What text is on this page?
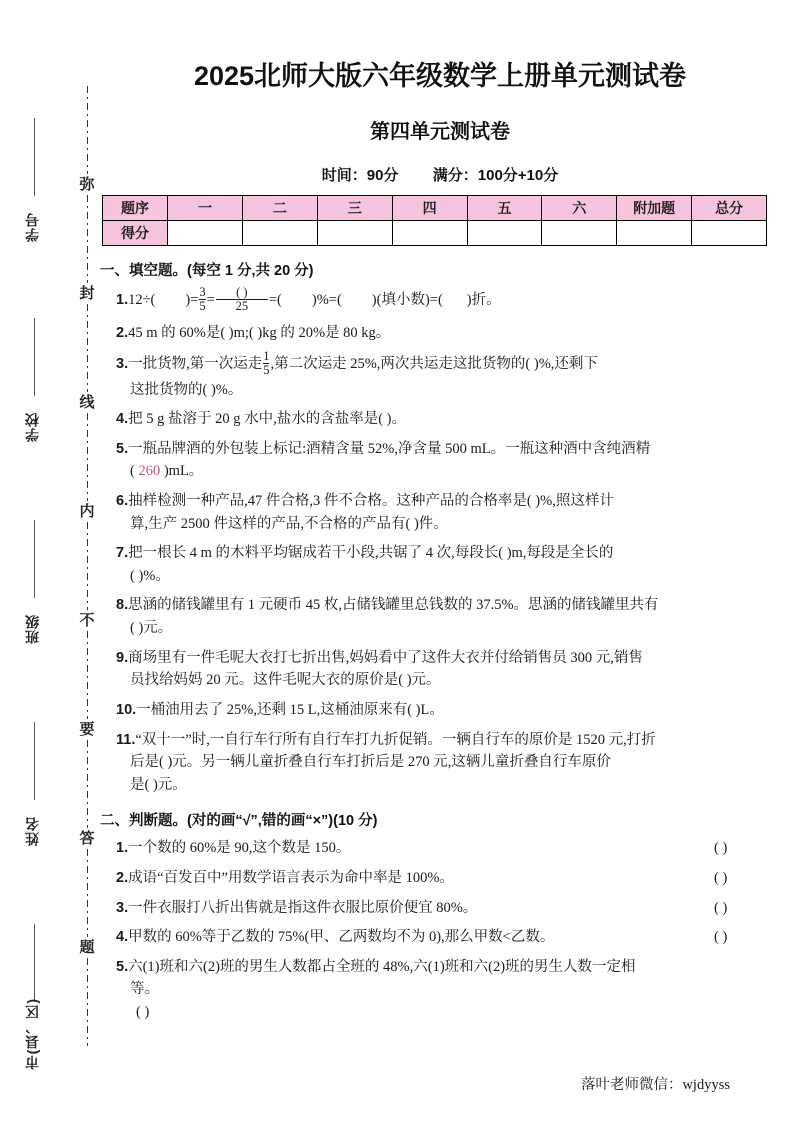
学号
学校
班级
姓名
市(县、区)
弥
封
线
内
不
要
答
题
2025北师大版六年级数学上册单元测试卷
第四单元测试卷
时间：90分 满分：100分+10分
题序	一	二	三	四	五	六	附加题	总分
得分								
一、填空题。(每空 1 分,共 20 分)
1.12÷( )= $\frac{3}{5} = \frac{( )}{25}$ =( )%=( )(填小数)=( )折。
2.45 m 的 60%是( )m;( )kg 的 20%是 80 kg。
3.一批货物,第一次运走 $\frac{1}{5}$ ,第二次运走 25%,两次共运走这批货物的( )%,还剩下
这批货物的( )%。
4.把 5 g 盐溶于 20 g 水中,盐水的含盐率是( )。
5.一瓶品牌酒的外包装上标记:酒精含量 52%,净含量 500 mL。一瓶这种酒中含纯酒精
( 260 )mL。
6.抽样检测一种产品,47 件合格,3 件不合格。这种产品的合格率是( )%,照这样计
算,生产 2500 件这样的产品,不合格的产品有( )件。
7.把一根长 4 m 的木料平均锯成若干小段,共锯了 4 次,每段长( )m,每段是全长的
( )%。
8.思涵的储钱罐里有 1 元硬币 45 枚,占储钱罐里总钱数的 37.5%。思涵的储钱罐里共有
( )元。
9.商场里有一件毛呢大衣打七折出售,妈妈看中了这件大衣并付给销售员 300 元,销售
员找给妈妈 20 元。这件毛呢大衣的原价是( )元。
10.一桶油用去了 25%,还剩 15 L,这桶油原来有( )L。
11.“双十一”时,一自行车行所有自行车打九折促销。一辆自行车的原价是 1520 元,打折
后是( )元。另一辆儿童折叠自行车打折后是 270 元,这辆儿童折叠自行车原价
是( )元。
二、判断题。(对的画“√”,错的画“×”)(10 分)
1.一个数的 60%是 90,这个数是 150。	( )
2.成语“百发百中”用数学语言表示为命中率是 100%。	( )
3.一件衣服打八折出售就是指这件衣服比原价便宜 80%。	( )
4.甲数的 60%等于乙数的 75%(甲、乙两数均不为 0),那么甲数<乙数。	( )
5.六(1)班和六(2)班的男生人数都占全班的 48%,六(1)班和六(2)班的男生人数一定相
等。
( )
落叶老师微信：wjdyyss
